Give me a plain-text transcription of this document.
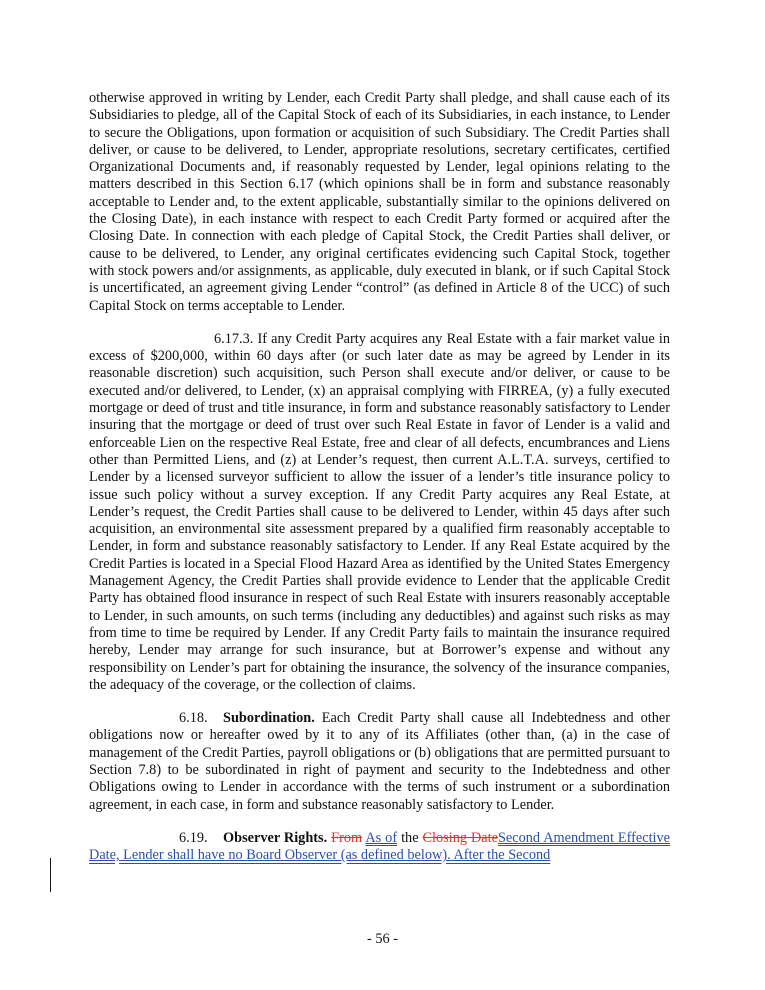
otherwise approved in writing by Lender, each Credit Party shall pledge, and shall cause each of its Subsidiaries to pledge, all of the Capital Stock of each of its Subsidiaries, in each instance, to Lender to secure the Obligations, upon formation or acquisition of such Subsidiary. The Credit Parties shall deliver, or cause to be delivered, to Lender, appropriate resolutions, secretary certificates, certified Organizational Documents and, if reasonably requested by Lender, legal opinions relating to the matters described in this Section 6.17 (which opinions shall be in form and substance reasonably acceptable to Lender and, to the extent applicable, substantially similar to the opinions delivered on the Closing Date), in each instance with respect to each Credit Party formed or acquired after the Closing Date. In connection with each pledge of Capital Stock, the Credit Parties shall deliver, or cause to be delivered, to Lender, any original certificates evidencing such Capital Stock, together with stock powers and/or assignments, as applicable, duly executed in blank, or if such Capital Stock is uncertificated, an agreement giving Lender “control” (as defined in Article 8 of the UCC) of such Capital Stock on terms acceptable to Lender.

6.17.3. If any Credit Party acquires any Real Estate with a fair market value in excess of $200,000, within 60 days after (or such later date as may be agreed by Lender in its reasonable discretion) such acquisition, such Person shall execute and/or deliver, or cause to be executed and/or delivered, to Lender, (x) an appraisal complying with FIRREA, (y) a fully executed mortgage or deed of trust and title insurance, in form and substance reasonably satisfactory to Lender insuring that the mortgage or deed of trust over such Real Estate in favor of Lender is a valid and enforceable Lien on the respective Real Estate, free and clear of all defects, encumbrances and Liens other than Permitted Liens, and (z) at Lender’s request, then current A.L.T.A. surveys, certified to Lender by a licensed surveyor sufficient to allow the issuer of a lender’s title insurance policy to issue such policy without a survey exception. If any Credit Party acquires any Real Estate, at Lender’s request, the Credit Parties shall cause to be delivered to Lender, within 45 days after such acquisition, an environmental site assessment prepared by a qualified firm reasonably acceptable to Lender, in form and substance reasonably satisfactory to Lender. If any Real Estate acquired by the Credit Parties is located in a Special Flood Hazard Area as identified by the United States Emergency Management Agency, the Credit Parties shall provide evidence to Lender that the applicable Credit Party has obtained flood insurance in respect of such Real Estate with insurers reasonably acceptable to Lender, in such amounts, on such terms (including any deductibles) and against such risks as may from time to time be required by Lender. If any Credit Party fails to maintain the insurance required hereby, Lender may arrange for such insurance, but at Borrower’s expense and without any responsibility on Lender’s part for obtaining the insurance, the solvency of the insurance companies, the adequacy of the coverage, or the collection of claims.

6.18. Subordination. Each Credit Party shall cause all Indebtedness and other obligations now or hereafter owed by it to any of its Affiliates (other than, (a) in the case of management of the Credit Parties, payroll obligations or (b) obligations that are permitted pursuant to Section 7.8) to be subordinated in right of payment and security to the Indebtedness and other Obligations owing to Lender in accordance with the terms of such instrument or a subordination agreement, in each case, in form and substance reasonably satisfactory to Lender.

6.19. Observer Rights. From As of the Closing DateSecond Amendment Effective Date, Lender shall have no Board Observer (as defined below). After the Second

- 56 -
